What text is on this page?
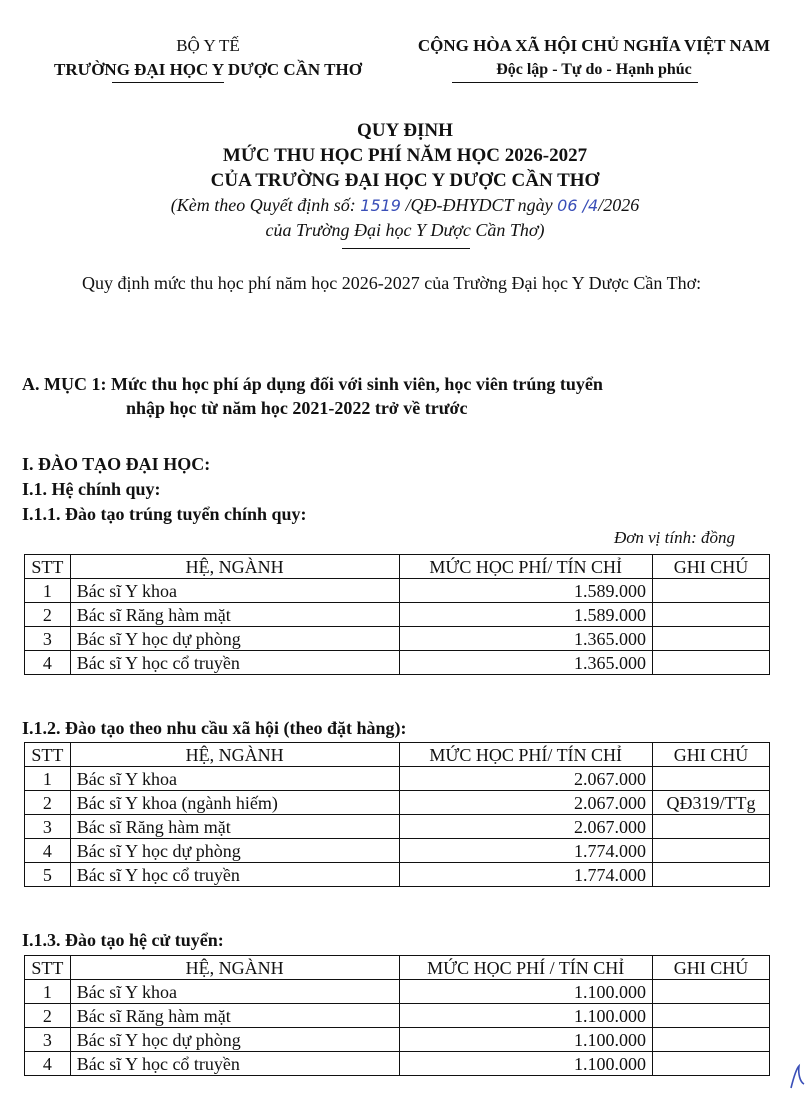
BỘ Y TẾ
TRƯỜNG ĐẠI HỌC Y DƯỢC CẦN THƠ
CỘNG HÒA XÃ HỘI CHỦ NGHĨA VIỆT NAM
Độc lập - Tự do - Hạnh phúc
QUY ĐỊNH
MỨC THU HỌC PHÍ NĂM HỌC 2026-2027
CỦA TRƯỜNG ĐẠI HỌC Y DƯỢC CẦN THƠ
(Kèm theo Quyết định số: 1519 /QĐ-ĐHYDCT ngày 06 /4/2026
của Trường Đại học Y Dược Cần Thơ)
Quy định mức thu học phí năm học 2026-2027 của Trường Đại học Y Dược Cần Thơ:
A. MỤC 1: Mức thu học phí áp dụng đối với sinh viên, học viên trúng tuyển
nhập học từ năm học 2021-2022 trở về trước
I. ĐÀO TẠO ĐẠI HỌC:
I.1. Hệ chính quy:
I.1.1. Đào tạo trúng tuyển chính quy:
Đơn vị tính: đồng
STT	HỆ, NGÀNH	MỨC HỌC PHÍ/ TÍN CHỈ	GHI CHÚ
1	Bác sĩ Y khoa	1.589.000	
2	Bác sĩ Răng hàm mặt	1.589.000	
3	Bác sĩ Y học dự phòng	1.365.000	
4	Bác sĩ Y học cổ truyền	1.365.000	
I.1.2. Đào tạo theo nhu cầu xã hội (theo đặt hàng):
STT	HỆ, NGÀNH	MỨC HỌC PHÍ/ TÍN CHỈ	GHI CHÚ
1	Bác sĩ Y khoa	2.067.000	
2	Bác sĩ Y khoa (ngành hiếm)	2.067.000	QĐ319/TTg
3	Bác sĩ Răng hàm mặt	2.067.000	
4	Bác sĩ Y học dự phòng	1.774.000	
5	Bác sĩ Y học cổ truyền	1.774.000	
I.1.3. Đào tạo hệ cử tuyển:
STT	HỆ, NGÀNH	MỨC HỌC PHÍ / TÍN CHỈ	GHI CHÚ
1	Bác sĩ Y khoa	1.100.000	
2	Bác sĩ Răng hàm mặt	1.100.000	
3	Bác sĩ Y học dự phòng	1.100.000	
4	Bác sĩ Y học cổ truyền	1.100.000	
